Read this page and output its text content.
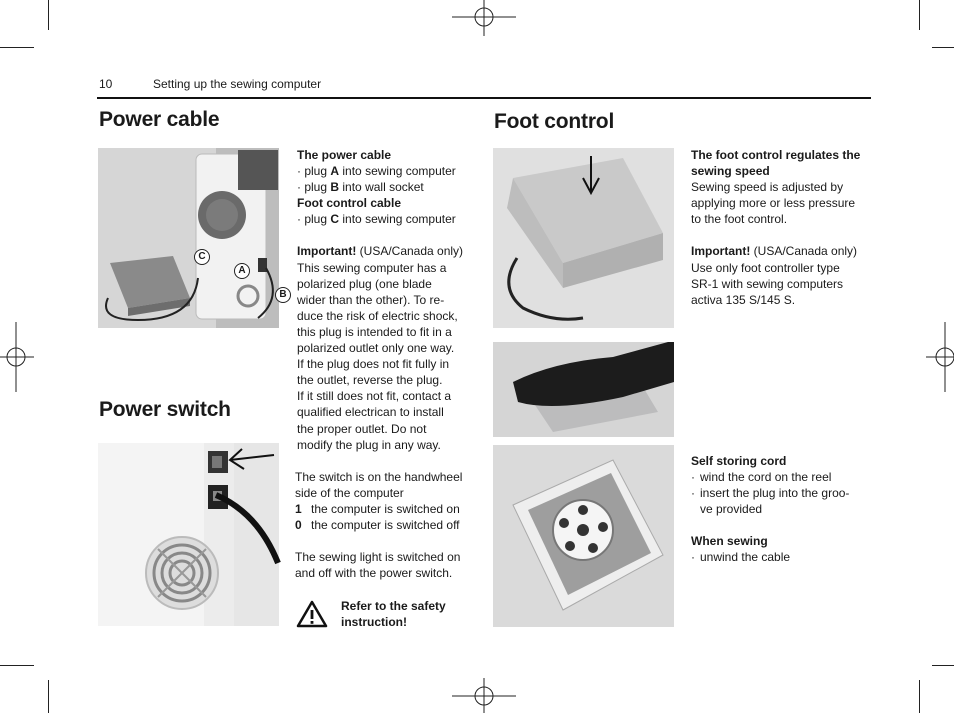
10	Setting up the sewing computer
Power cable
C
A
B

The power cable

· plug A into sewing computer

· plug B into wall socket

Foot control cable

· plug C into sewing computer

Important! (USA/Canada only)

This sewing computer has a

polarized plug (one blade

wider than the other). To re-

duce the risk of electric shock,

this plug is intended to fit in a

polarized outlet only one way.

If the plug does not fit fully in

the outlet, reverse the plug.

If it still does not fit, contact a

qualified electrican to install

the proper outlet. Do not

modify the plug in any way.

Power switch

The switch is on the handwheel

side of the computer

1 the computer is switched on
0 the computer is switched off

The sewing light is switched on

and off with the power switch.

Refer to the safety

instruction!

Foot control

The foot control regulates the

sewing speed

Sewing speed is adjusted by

applying more or less pressure

to the foot control.

Important! (USA/Canada only)

Use only foot controller type

SR-1 with sewing computers

activa 135 S/145 S.

Self storing cord

· wind the cord on the reel
· insert the plug into the groo-
ve provided

When sewing

· unwind the cable
